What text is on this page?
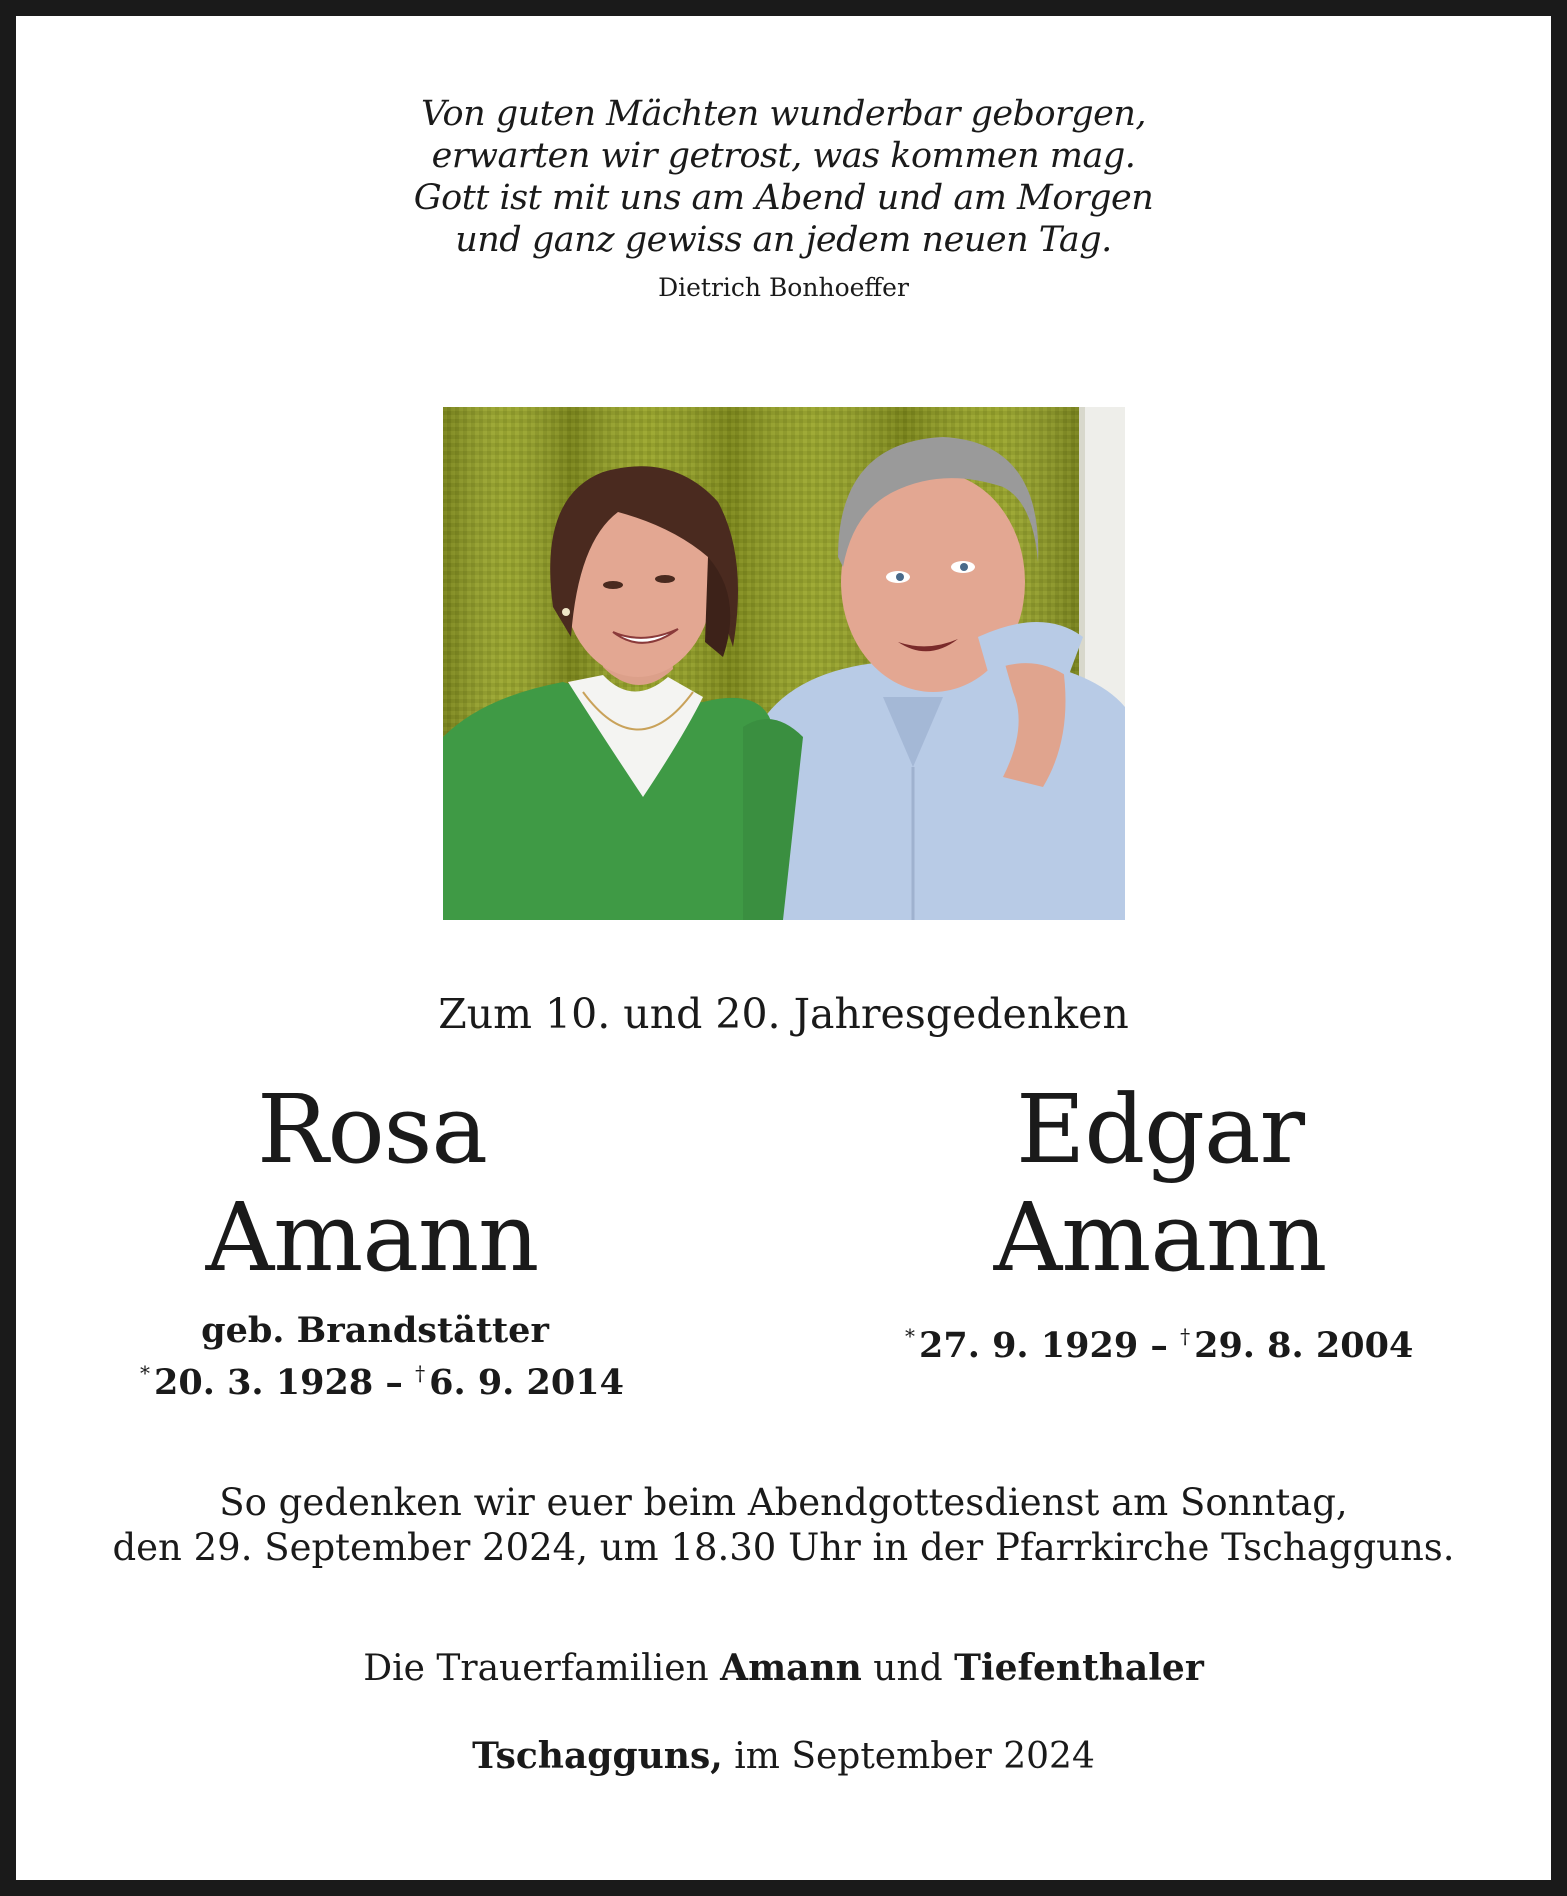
Von guten Mächten wunderbar geborgen,
erwarten wir getrost, was kommen mag.
Gott ist mit uns am Abend und am Morgen
und ganz gewiss an jedem neuen Tag.
Dietrich Bonhoeffer
Zum 10. und 20. Jahresgedenken
Rosa
Amann
Edgar
Amann
geb. Brandstätter
* 20. 3. 1928 – † 6. 9. 2014
* 27. 9. 1929 – † 29. 8. 2004
So gedenken wir euer beim Abendgottesdienst am Sonntag,
den 29. September 2024, um 18.30 Uhr in der Pfarrkirche Tschagguns.
Die Trauerfamilien Amann und Tiefenthaler
Tschagguns, im September 2024
